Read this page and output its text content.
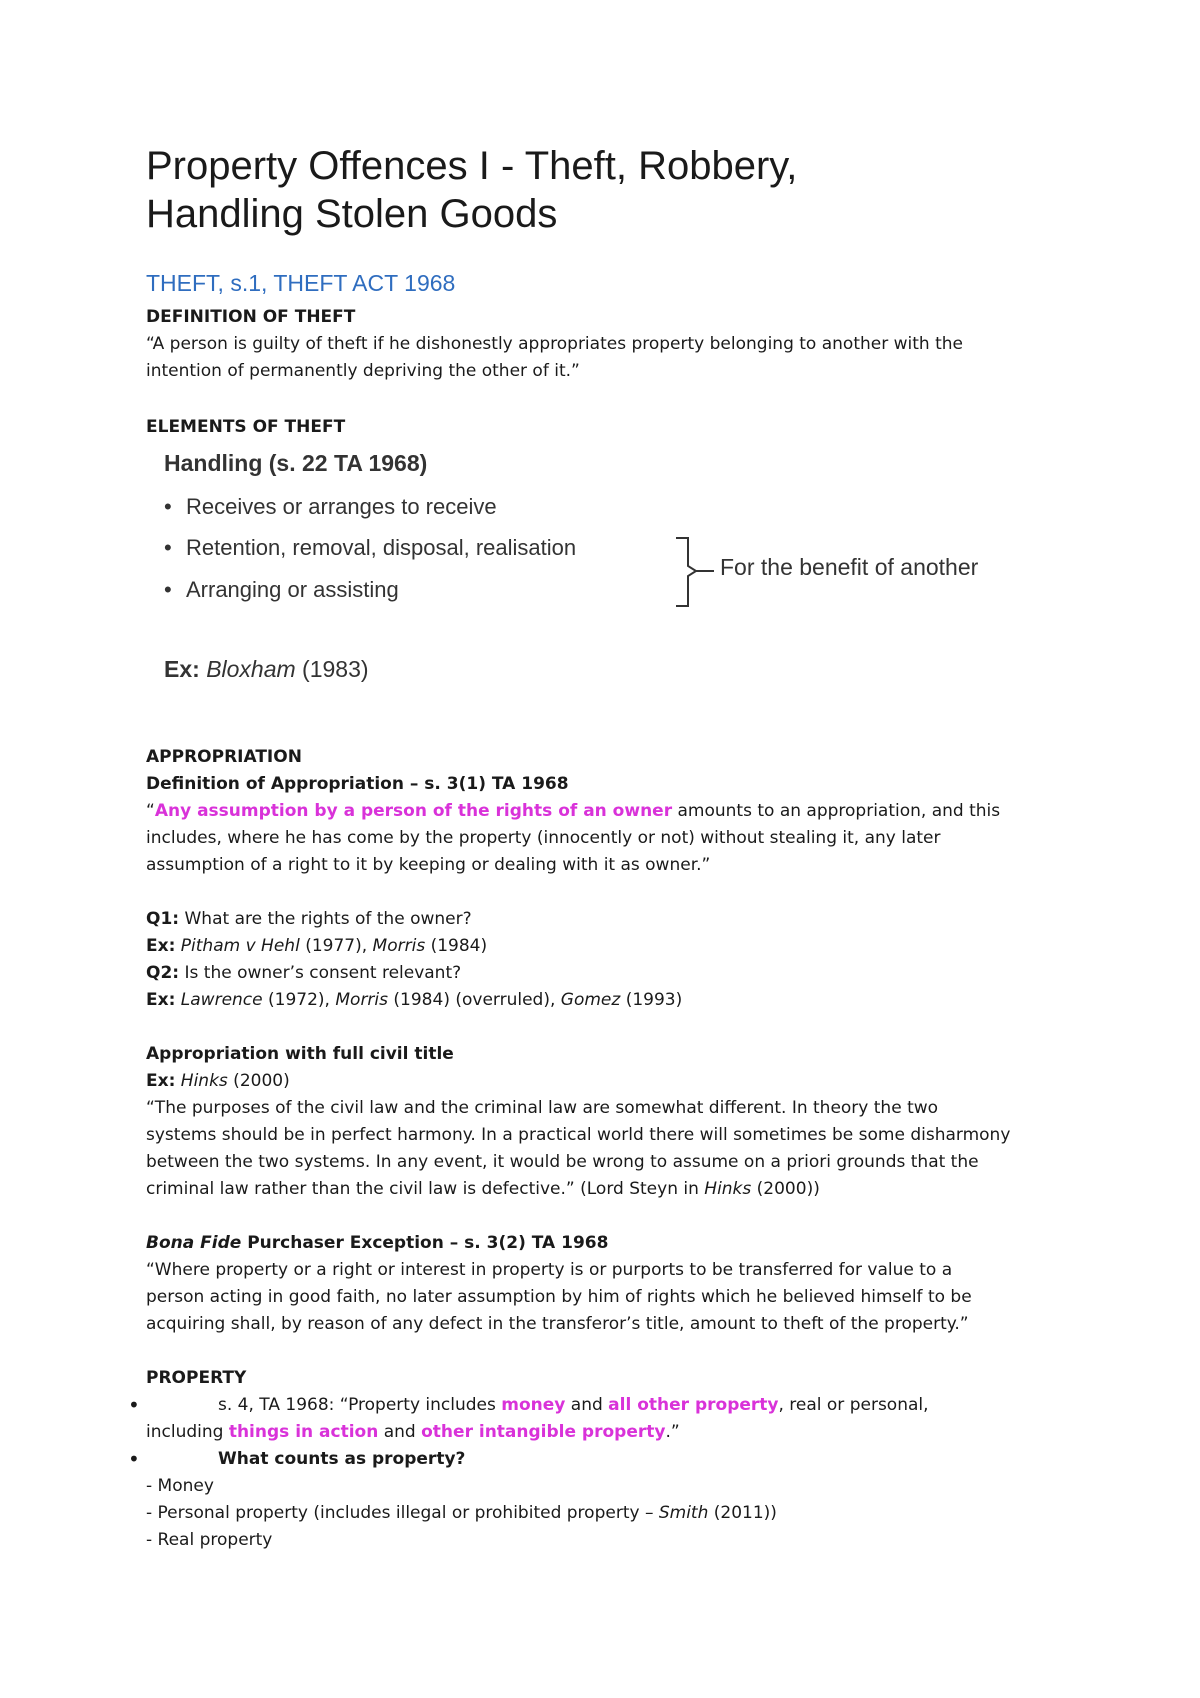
Property Offences I - Theft, Robbery,
Handling Stolen Goods
THEFT, s.1, THEFT ACT 1968

DEFINITION OF THEFT

“A person is guilty of theft if he dishonestly appropriates property belonging to another with the

intention of permanently depriving the other of it.”

ELEMENTS OF THEFT

Handling (s. 22 TA 1968)
• Receives or arranges to receive
• Retention, removal, disposal, realisation
• Arranging or assisting
For the benefit of another
Ex: Bloxham (1983)

APPROPRIATION

Definition of Appropriation – s. 3(1) TA 1968

“Any assumption by a person of the rights of an owner amounts to an appropriation, and this

includes, where he has come by the property (innocently or not) without stealing it, any later

assumption of a right to it by keeping or dealing with it as owner.”

Q1: What are the rights of the owner?

Ex: Pitham v Hehl (1977), Morris (1984)

Q2: Is the owner’s consent relevant?

Ex: Lawrence (1972), Morris (1984) (overruled), Gomez (1993)

Appropriation with full civil title

Ex: Hinks (2000)

“The purposes of the civil law and the criminal law are somewhat different. In theory the two

systems should be in perfect harmony. In a practical world there will sometimes be some disharmony

between the two systems. In any event, it would be wrong to assume on a priori grounds that the

criminal law rather than the civil law is defective.” (Lord Steyn in Hinks (2000))

Bona Fide Purchaser Exception – s. 3(2) TA 1968

“Where property or a right or interest in property is or purports to be transferred for value to a

person acting in good faith, no later assumption by him of rights which he believed himself to be

acquiring shall, by reason of any defect in the transferor’s title, amount to theft of the property.”

PROPERTY

•	s. 4, TA 1968: “Property includes money and all other property, real or personal,

including things in action and other intangible property.”

•	What counts as property?

- Money

- Personal property (includes illegal or prohibited property – Smith (2011))

- Real property
